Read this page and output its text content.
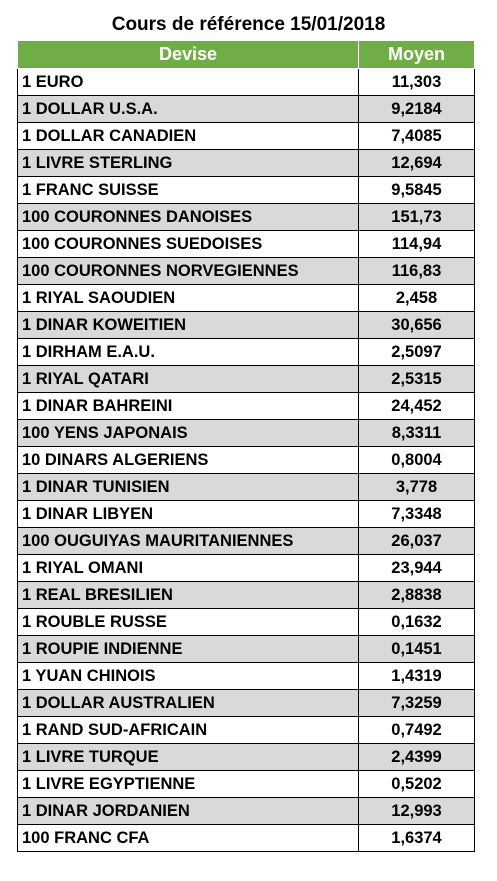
Cours de référence 15/01/2018
Devise	Moyen
1 EURO	11,303
1 DOLLAR U.S.A.	9,2184
1 DOLLAR CANADIEN	7,4085
1 LIVRE STERLING	12,694
1 FRANC SUISSE	9,5845
100 COURONNES DANOISES	151,73
100 COURONNES SUEDOISES	114,94
100 COURONNES NORVEGIENNES	116,83
1 RIYAL SAOUDIEN	2,458
1 DINAR KOWEITIEN	30,656
1 DIRHAM E.A.U.	2,5097
1 RIYAL QATARI	2,5315
1 DINAR BAHREINI	24,452
100 YENS JAPONAIS	8,3311
10 DINARS ALGERIENS	0,8004
1 DINAR TUNISIEN	3,778
1 DINAR LIBYEN	7,3348
100 OUGUIYAS MAURITANIENNES	26,037
1 RIYAL OMANI	23,944
1 REAL BRESILIEN	2,8838
1 ROUBLE RUSSE	0,1632
1 ROUPIE INDIENNE	0,1451
1 YUAN CHINOIS	1,4319
1 DOLLAR AUSTRALIEN	7,3259
1 RAND SUD-AFRICAIN	0,7492
1 LIVRE TURQUE	2,4399
1 LIVRE EGYPTIENNE	0,5202
1 DINAR JORDANIEN	12,993
100 FRANC CFA	1,6374
